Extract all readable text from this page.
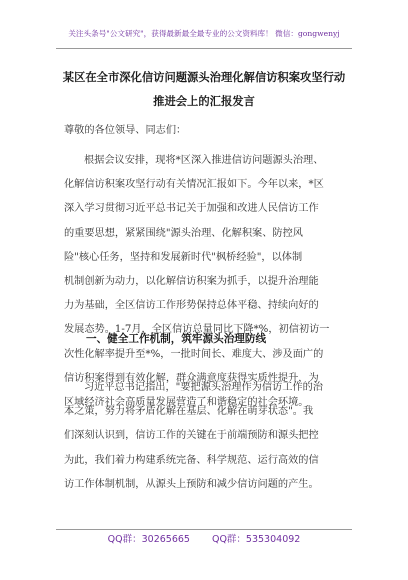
关注头条号"公文研究"，获得最新最全最专业的公文资料库！ 微信：gongwenyj
某区在全市深化信访问题源头治理化解信访积案攻坚行动
推进会上的汇报发言
尊敬的各位领导、同志们：
根据会议安排，现将*区深入推进信访问题源头治理、
化解信访积案攻坚行动有关情况汇报如下。今年以来，*区
深入学习贯彻习近平总书记关于加强和改进人民信访工作
的重要思想，紧紧围绕"源头治理、化解积案、防控风
险"核心任务，坚持和发展新时代"枫桥经验"，以体制
机制创新为动力，以化解信访积案为抓手，以提升治理能
力为基础，全区信访工作形势保持总体平稳、持续向好的
发展态势。1-7月，全区信访总量同比下降*%，初信初访一
次性化解率提升至*%，一批时间长、难度大、涉及面广的
信访积案得到有效化解，群众满意度获得实质性提升，为
区域经济社会高质量发展营造了和谐稳定的社会环境。
一、健全工作机制，筑牢源头治理防线
习近平总书记指出，"要把源头治理作为信访工作的治
本之策，努力将矛盾化解在基层、化解在萌芽状态"。我
们深刻认识到，信访工作的关键在于前端预防和源头把控
为此，我们着力构建系统完备、科学规范、运行高效的信
访工作体制机制，从源头上预防和减少信访问题的产生。
QQ群：30265665 QQ群：535304092
